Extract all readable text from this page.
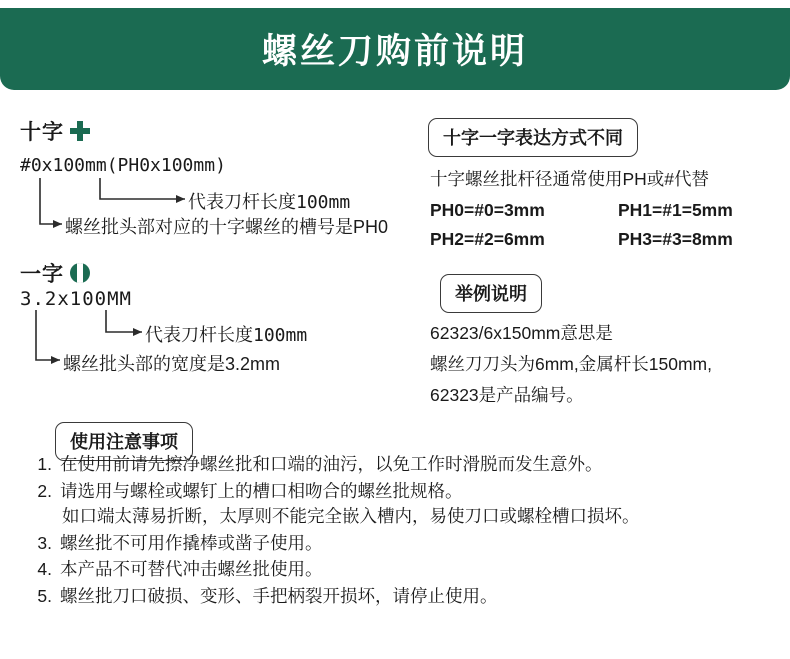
螺丝刀购前说明
十字
#0x100mm(PH0x100mm)
代表刀杆长度100mm
螺丝批头部对应的十字螺丝的槽号是PH0
一字
3.2x100MM
代表刀杆长度100mm
螺丝批头部的宽度是3.2mm
十字一字表达方式不同
十字螺丝批杆径通常使用PH或#代替
PH0=#0=3mm	PH1=#1=5mm
PH2=#2=6mm	PH3=#3=8mm
举例说明
62323/6x150mm意思是
螺丝刀刀头为6mm,金属杆长150mm,
62323是产品编号。
使用注意事项
1. 在使用前请先擦净螺丝批和口端的油污，以免工作时滑脱而发生意外。
2. 请选用与螺栓或螺钉上的槽口相吻合的螺丝批规格。
如口端太薄易折断，太厚则不能完全嵌入槽内，易使刀口或螺栓槽口损坏。
3. 螺丝批不可用作撬棒或凿子使用。
4. 本产品不可替代冲击螺丝批使用。
5. 螺丝批刀口破损、变形、手把柄裂开损坏，请停止使用。
